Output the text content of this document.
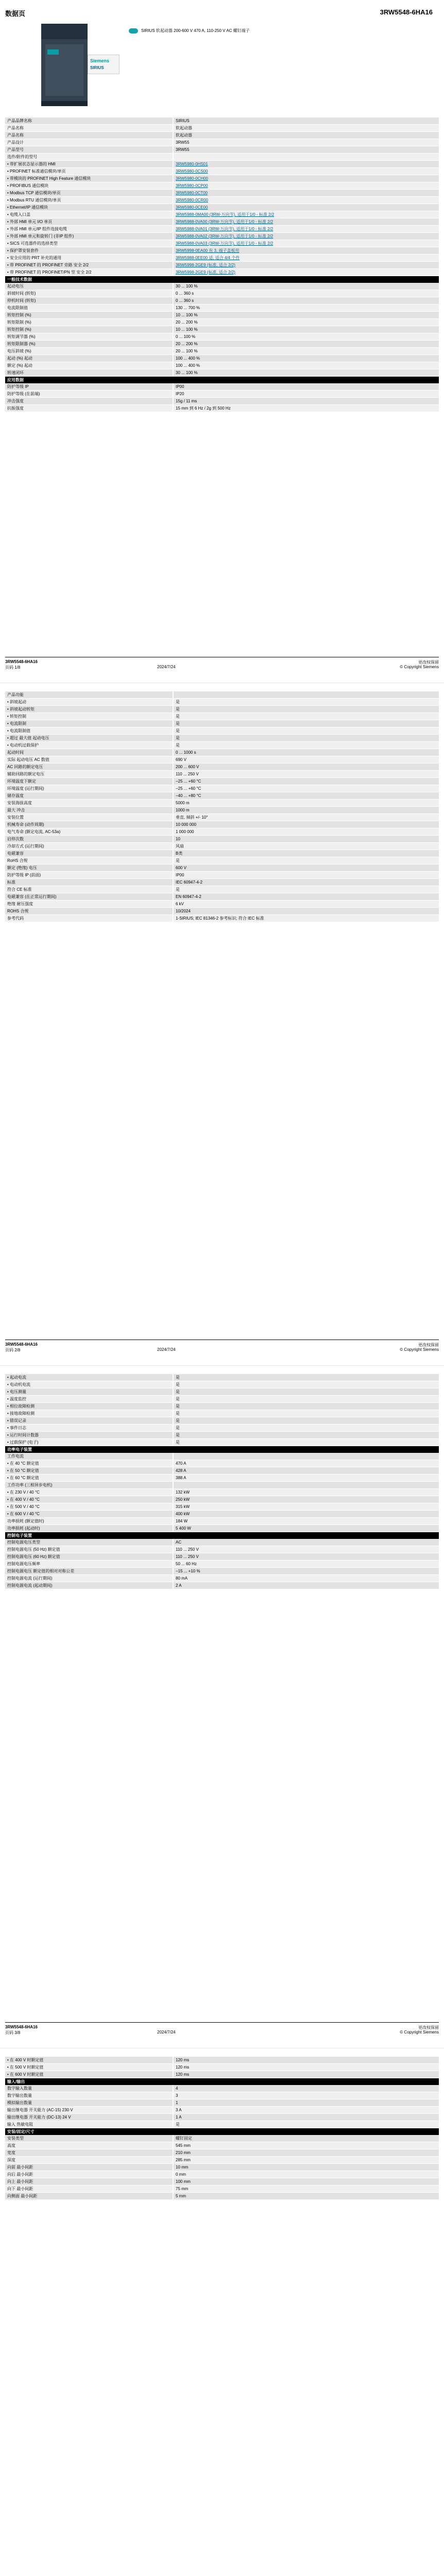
数据页	3RW5548-6HA16
Siemens
SIRIUS
SIRIUS 软起动器 200-600 V 470 A, 110-250 V AC 螺钉端子
产品品牌名称	SIRIUS
产品名称	软起动器
产品名称	软起动器
产品设计	3RW55
产品型号	3RW55
选件/附件的型号
• 带扩展状态显示器的 HMI	3RW5980-0HS01
• PROFINET 标准通信模块/单页	3RW5980-0CS00
• 带模块的 PROFINET High Feature 通信模块	3RW5980-0CH00
• PROFIBUS 通信模块	3RW5980-0CP00
• Modbus TCP 通信模块/单页	3RW5980-0CT00
• Modbus RTU 通信模块/单页	3RW5980-0CR00
• Ethernet/IP 通信模块	3RW5980-0CE00
• 电缆入口盖	3RW5988-0MA00 (3RW-万向节), 适用于1/0 - 标准 2/2
• 外部 HMI 单元 I/O 单页	3RW5988-0VA00 (3RW-万向节), 适用于1/0 - 标准 2/2
• 外部 HMI 单元/IP 组件连接电缆	3RW5988-0VA01 (3RW-万向节), 适用于1/0 - 标准 2/2
• 外部 HMI 单元和旋转门 (非IP 组件)	3RW5988-0VA02 (3RW-万向节), 适用于1/0 - 标准 2/2
• SICS 可选器件的选择类型	3RW5988-0VA03 (3RW-万向节), 适用于1/0 - 标准 2/2
• 保护罩安装套件	3RW5998-0EA00 有 3, 端子盖板用
• 安全应用的 PRT 补充的通用	3RW5988-0EE00 适, 适合 4/4 个件
• 带 PROFINET 的 PROFINET 旁路 安全 2/2	3RW5998-2GE9 (标准, 适合 2/2)
• 带 PROFINET 的 PROFINET/PN 型 安全 2/2	3RW5998-2GE9 (标准, 适合 2/2)
一般技术数据
起动电压	30 ... 100 %
斜坡时间 (转矩)	0 ... 360 s
停机时间 (转矩)	0 ... 360 s
电流限制值	130 ... 700 %
转矩控制 (%)	10 ... 100 %
转矩限制 (%)	20 ... 200 %
转矩控制 (%)	10 ... 100 %
转矩调节器 (%)	0 ... 100 %
转矩限制器 (%)	20 ... 200 %
电压斜坡 (%)	20 ... 100 %
起动 (%) 起动	100 ... 400 %
额定 (%) 起动	100 ... 400 %
转速闭环	30 ... 100 %
应用数据
防护等级 IP	IP00
防护等级 (在前端)	IP20
冲击强度	15g / 11 ms
抗振强度	15 mm 到 6 Hz / 2g 到 500 Hz
3RW5548-6HA16
页码 1/8	2024/7/24
更改权保留
© Copyright Siemens
产品功能
• 斜坡起动	是
• 斜坡起动转矩	是
• 转矩控制	是
• 电流限制	是
• 电流限制值	是
• 超过 最大值 起动电压	是
• 电动机过载保护	是
起动时间	0 ... 1000 s
实际 起动电压 AC 数值	690 V
AC 回路的额定电压	200 ... 600 V
辅助回路的额定电压	110 ... 250 V
环境温度下额定	−25 ... +60 °C
环境温度 (运行期间)	−25 ... +60 °C
储存温度	−40 ... +80 °C
安装海拔高度	5000 m
最大 冲击	1000 m
安装位置	垂直, 倾斜 +/- 10°
机械寿命 (动作周期)	10 000 000
电气寿命 (额定电流, AC-53a)	1 000 000
启停次数	10
冷却方式 (运行期间)	风扇
电磁兼容	B类
RoHS 合规	是
额定 (绝缘) 电压	600 V
防护等级 IP (前面)	IP00
标准	IEC 60947-4-2
符合 CE 标准	是
电磁兼容 (在正常运行期间)	EN 60947-4-2
绝缘 耐压强度	6 kV
ROHS 合规	10/2024
参考代码	1-SIRIUS; IEC 81346-2 参考标识; 符合 IEC 标准
3RW5548-6HA16
页码 2/8	2024/7/24
更改权保留
© Copyright Siemens
• 起动电流	是
• 电动机电流	是
• 电压测量	是
• 温度监控	是
• 相位故障检测	是
• 接地故障检测	是
• 错误记录	是
• 事件日志	是
• 运行时间计数器	是
• 过载保护 (电子)	是
功率电子装置
工作电流
• 在 40 °C 额定值	470 A
• 在 50 °C 额定值	428 A
• 在 60 °C 额定值	388 A
工作功率 (三相异步电机)
• 在 230 V / 40 °C	132 kW
• 在 400 V / 40 °C	250 kW
• 在 500 V / 40 °C	315 kW
• 在 600 V / 40 °C	400 kW
功率损耗 (额定值时)	184 W
功率损耗 (起动时)	5 400 W
控制电子装置
控制电源电压类型	AC
控制电源电压 (50 Hz) 额定值	110 ... 250 V
控制电源电压 (60 Hz) 额定值	110 ... 250 V
控制电源电压频率	50 ... 60 Hz
控制电源电压 额定值的相对对称公差	−15 ... +10 %
控制电源电流 (运行期间)	80 mA
控制电源电流 (起动期间)	2 A
3RW5548-6HA16
页码 3/8	2024/7/24
更改权保留
© Copyright Siemens
• 在 400 V 时额定值	120 ms
• 在 500 V 时额定值	120 ms
• 在 600 V 时额定值	120 ms
输入/输出
数字输入数量	4
数字输出数量	3
模拟输出数量	1
输出继电器 开关能力 (AC-15) 230 V	3 A
输出继电器 开关能力 (DC-13) 24 V	1 A
输入 热敏电阻	是
安装/固定/尺寸
安装类型	螺钉固定
高度	545 mm
宽度	210 mm
深度	285 mm
向前 最小间距	10 mm
向后 最小间距	0 mm
向上 最小间距	100 mm
向下 最小间距	75 mm
向侧面 最小间距	5 mm
